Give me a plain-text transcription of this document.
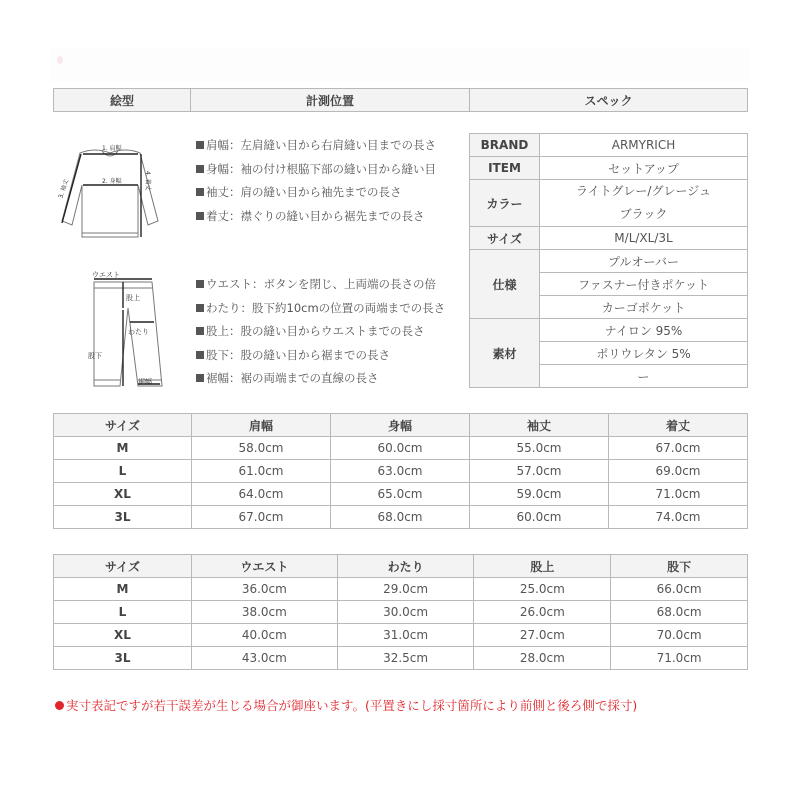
絵型	計測位置	スペック
1. 肩幅
2. 身幅
3. 袖丈	4. 着丈
肩幅：左肩縫い目から右肩縫い目までの長さ
身幅：袖の付け根脇下部の縫い目から縫い目
袖丈：肩の縫い目から袖先までの長さ
着丈：襟ぐりの縫い目から裾先までの長さ
ウエスト
股上
わたり
股下
裾幅
ウエスト：ボタンを閉じ、上両端の長さの倍
わたり：股下約10cmの位置の両端までの長さ
股上：股の縫い目からウエストまでの長さ
股下：股の縫い目から裾までの長さ
裾幅：裾の両端までの直線の長さ
BRAND	ARMYRICH
ITEM	セットアップ
カラー	ライトグレー/グレージュ
ブラック

サイズ	M/L/XL/3L
仕様	プルオーバー
	ファスナー付きポケット
	カーゴポケット
素材	ナイロン 95%
	ポリウレタン 5%
	ー
サイズ	肩幅	身幅	袖丈	着丈
M	58.0cm	60.0cm	55.0cm	67.0cm
L	61.0cm	63.0cm	57.0cm	69.0cm
XL	64.0cm	65.0cm	59.0cm	71.0cm
3L	67.0cm	68.0cm	60.0cm	74.0cm
サイズ	ウエスト	わたり	股上	股下
M	36.0cm	29.0cm	25.0cm	66.0cm
L	38.0cm	30.0cm	26.0cm	68.0cm
XL	40.0cm	31.0cm	27.0cm	70.0cm
3L	43.0cm	32.5cm	28.0cm	71.0cm
実寸表記ですが若干誤差が生じる場合が御座います。(平置きにし採寸箇所により前側と後ろ側で採寸)
